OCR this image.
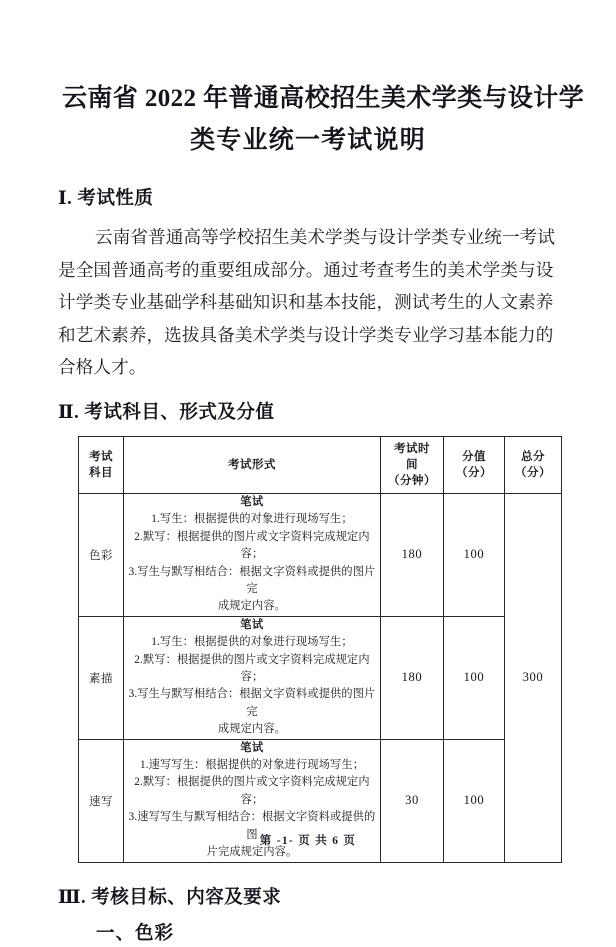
云南省 2022 年普通高校招生美术学类与设计学
类专业统一考试说明
Ⅰ. 考试性质

云南省普通高等学校招生美术学类与设计学类专业统一考试
是全国普通高考的重要组成部分。通过考查考生的美术学类与设
计学类专业基础学科基础知识和基本技能，测试考生的人文素养
和艺术素养，选拔具备美术学类与设计学类专业学习基本能力的
合格人才。

Ⅱ. 考试科目、形式及分值
考试
科目	考试形式	考试时
间
（分钟）	分值
（分）	总分
（分）

色彩	笔试
1.写生：根据提供的对象进行现场写生；
2.默写：根据提供的图片或文字资料完成规定内容；
3.写生与默写相结合：根据文字资料或提供的图片完
成规定内容。	180	100	300
素描	笔试
1.写生：根据提供的对象进行现场写生；
2.默写：根据提供的图片或文字资料完成规定内容；
3.写生与默写相结合：根据文字资料或提供的图片完
成规定内容。	180	100	
速写	笔试
1.速写写生：根据提供的对象进行现场写生；
2.默写：根据提供的图片或文字资料完成规定内容；
3.速写写生与默写相结合：根据文字资料或提供的图
片完成规定内容。	30	100	
Ⅲ. 考核目标、内容及要求
一、色彩
第 -1- 页 共 6 页
